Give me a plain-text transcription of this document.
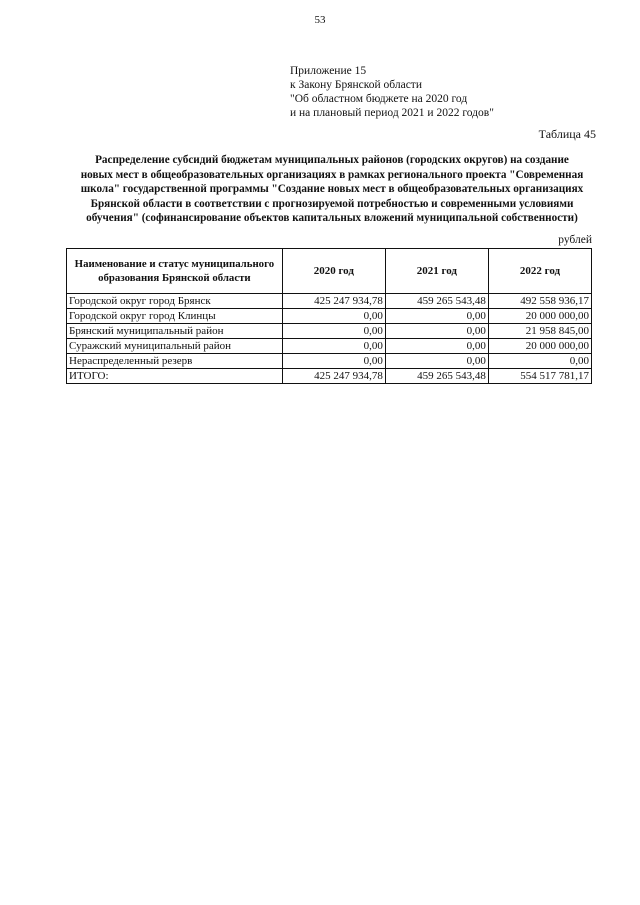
53
Приложение 15
к Закону Брянской области
"Об областном бюджете на 2020 год
и на плановый период 2021 и 2022 годов"
Таблица 45
Распределение субсидий бюджетам муниципальных районов (городских округов) на создание
новых мест в общеобразовательных организациях в рамках регионального проекта "Современная
школа" государственной программы "Создание новых мест в общеобразовательных организациях
Брянской области в соответствии с прогнозируемой потребностью и современными условиями
обучения" (софинансирование объектов капитальных вложений муниципальной собственности)
рублей
Наименование и статус муниципального образования Брянской области	2020 год	2021 год	2022 год
Городской округ город Брянск	425 247 934,78	459 265 543,48	492 558 936,17
Городской округ город Клинцы	0,00	0,00	20 000 000,00
Брянский муниципальный район	0,00	0,00	21 958 845,00
Суражский муниципальный район	0,00	0,00	20 000 000,00
Нераспределенный резерв	0,00	0,00	0,00
ИТОГО:	425 247 934,78	459 265 543,48	554 517 781,17
